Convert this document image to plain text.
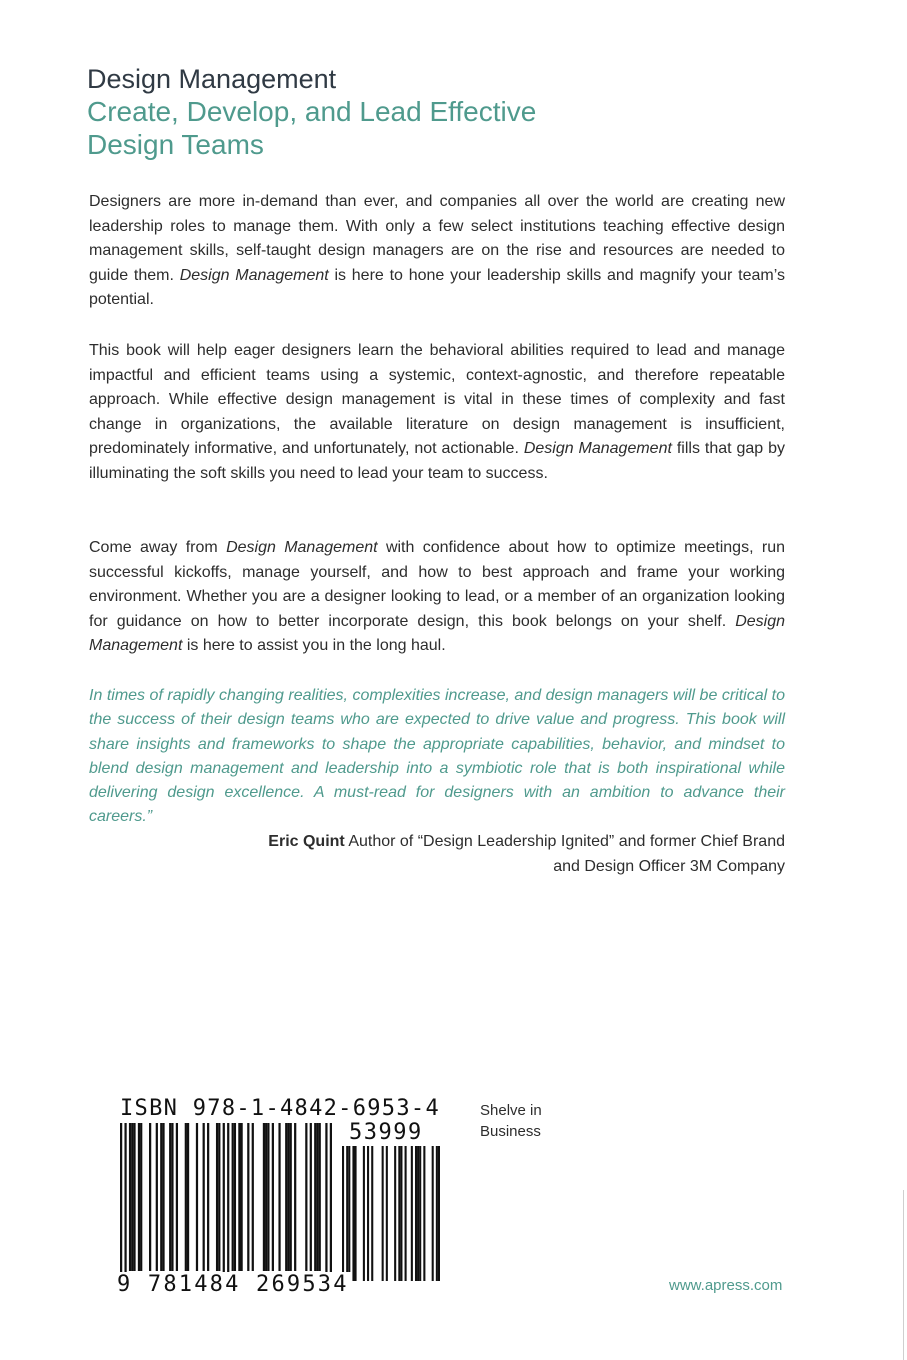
Design Management
Create, Develop, and Lead Effective
Design Teams

Designers are more in-demand than ever, and companies all over the world are creating new leadership roles to manage them. With only a few select institutions teaching effective design management skills, self-taught design managers are on the rise and resources are needed to guide them. Design Management is here to hone your leadership skills and magnify your team’s potential.

This book will help eager designers learn the behavioral abilities required to lead and manage impactful and efficient teams using a systemic, context-agnostic, and therefore repeatable approach. While effective design management is vital in these times of complexity and fast change in organizations, the available literature on design management is insufficient, predominately informative, and unfortunately, not actionable. Design Management fills that gap by illuminating the soft skills you need to lead your team to success.

Come away from Design Management with confidence about how to optimize meetings, run successful kickoffs, manage yourself, and how to best approach and frame your working environment. Whether you are a designer looking to lead, or a member of an organization looking for guidance on how to better incorporate design, this book belongs on your shelf. Design Management is here to assist you in the long haul.

In times of rapidly changing realities, complexities increase, and design managers will be critical to the success of their design teams who are expected to drive value and progress. This book will share insights and frameworks to shape the appropriate capabilities, behavior, and mindset to blend design management and leadership into a symbiotic role that is both inspirational while delivering design excellence. A must-read for designers with an ambition to advance their careers.”

Eric Quint Author of “Design Leadership Ignited” and former Chief Brand
and Design Officer 3M Company
ISBN 978-1-4842-6953-4
53999
9 781484 269534
Shelve in
Business
www.apress.com
